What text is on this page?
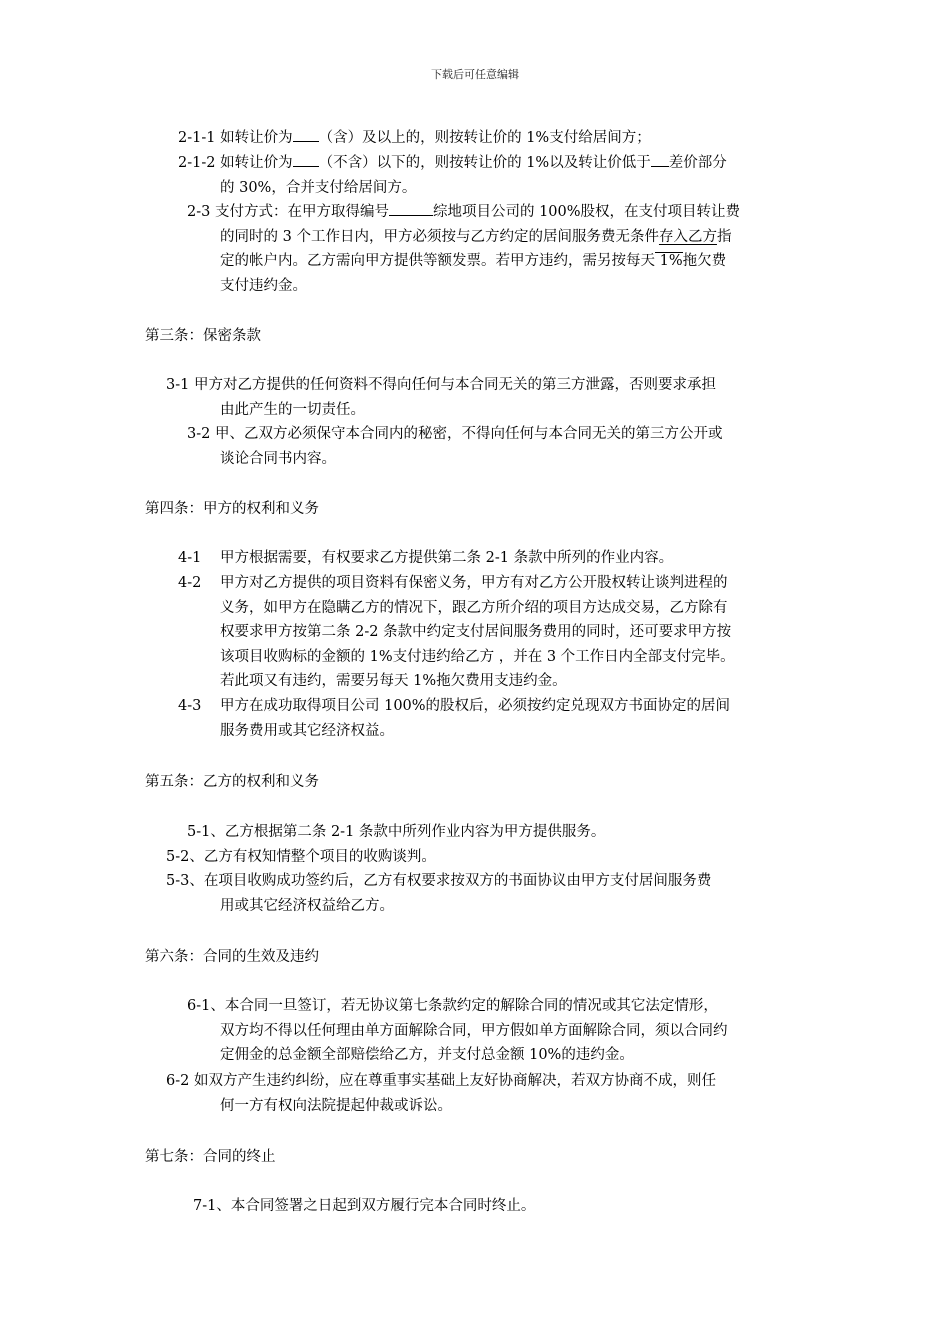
下载后可任意编辑
2-1-1 如转让价为 （含）及以上的，则按转让价的 1%支付给居间方；
2-1-2 如转让价为 （不含）以下的，则按转让价的 1%以及转让价低于 差价部分
的 30%，合并支付给居间方。
2-3 支付方式：在甲方取得编号	综地项目公司的 100%股权，在支付项目转让费
的同时的 3 个工作日内，甲方必须按与乙方约定的居间服务费无条件存入乙方指
定的帐户内。乙方需向甲方提供等额发票。若甲方违约，需另按每天 1%拖欠费
支付违约金。
第三条：保密条款
3-1 甲方对乙方提供的任何资料不得向任何与本合同无关的第三方泄露，否则要求承担
由此产生的一切责任。
3-2 甲、乙双方必须保守本合同内的秘密，不得向任何与本合同无关的第三方公开或
谈论合同书内容。
第四条：甲方的权利和义务
4-1 甲方根据需要，有权要求乙方提供第二条 2-1 条款中所列的作业内容。
4-2 甲方对乙方提供的项目资料有保密义务，甲方有对乙方公开股权转让谈判进程的
义务，如甲方在隐瞒乙方的情况下，跟乙方所介绍的项目方达成交易，乙方除有
权要求甲方按第二条 2-2 条款中约定支付居间服务费用的同时，还可要求甲方按
该项目收购标的金额的 1%支付违约给乙方 ，并在 3 个工作日内全部支付完毕。
若此项又有违约，需要另每天 1%拖欠费用支违约金。
4-3 甲方在成功取得项目公司 100%的股权后，必须按约定兑现双方书面协定的居间
服务费用或其它经济权益。
第五条：乙方的权利和义务
5-1、乙方根据第二条 2-1 条款中所列作业内容为甲方提供服务。
5-2、乙方有权知情整个项目的收购谈判。
5-3、在项目收购成功签约后，乙方有权要求按双方的书面协议由甲方支付居间服务费
用或其它经济权益给乙方。
第六条：合同的生效及违约
6-1、本合同一旦签订，若无协议第七条款约定的解除合同的情况或其它法定情形，
双方均不得以任何理由单方面解除合同，甲方假如单方面解除合同，须以合同约
定佣金的总金额全部赔偿给乙方，并支付总金额 10%的违约金。
6-2 如双方产生违约纠纷，应在尊重事实基础上友好协商解决，若双方协商不成，则任
何一方有权向法院提起仲裁或诉讼。
第七条：合同的终止
7-1、本合同签署之日起到双方履行完本合同时终止。
